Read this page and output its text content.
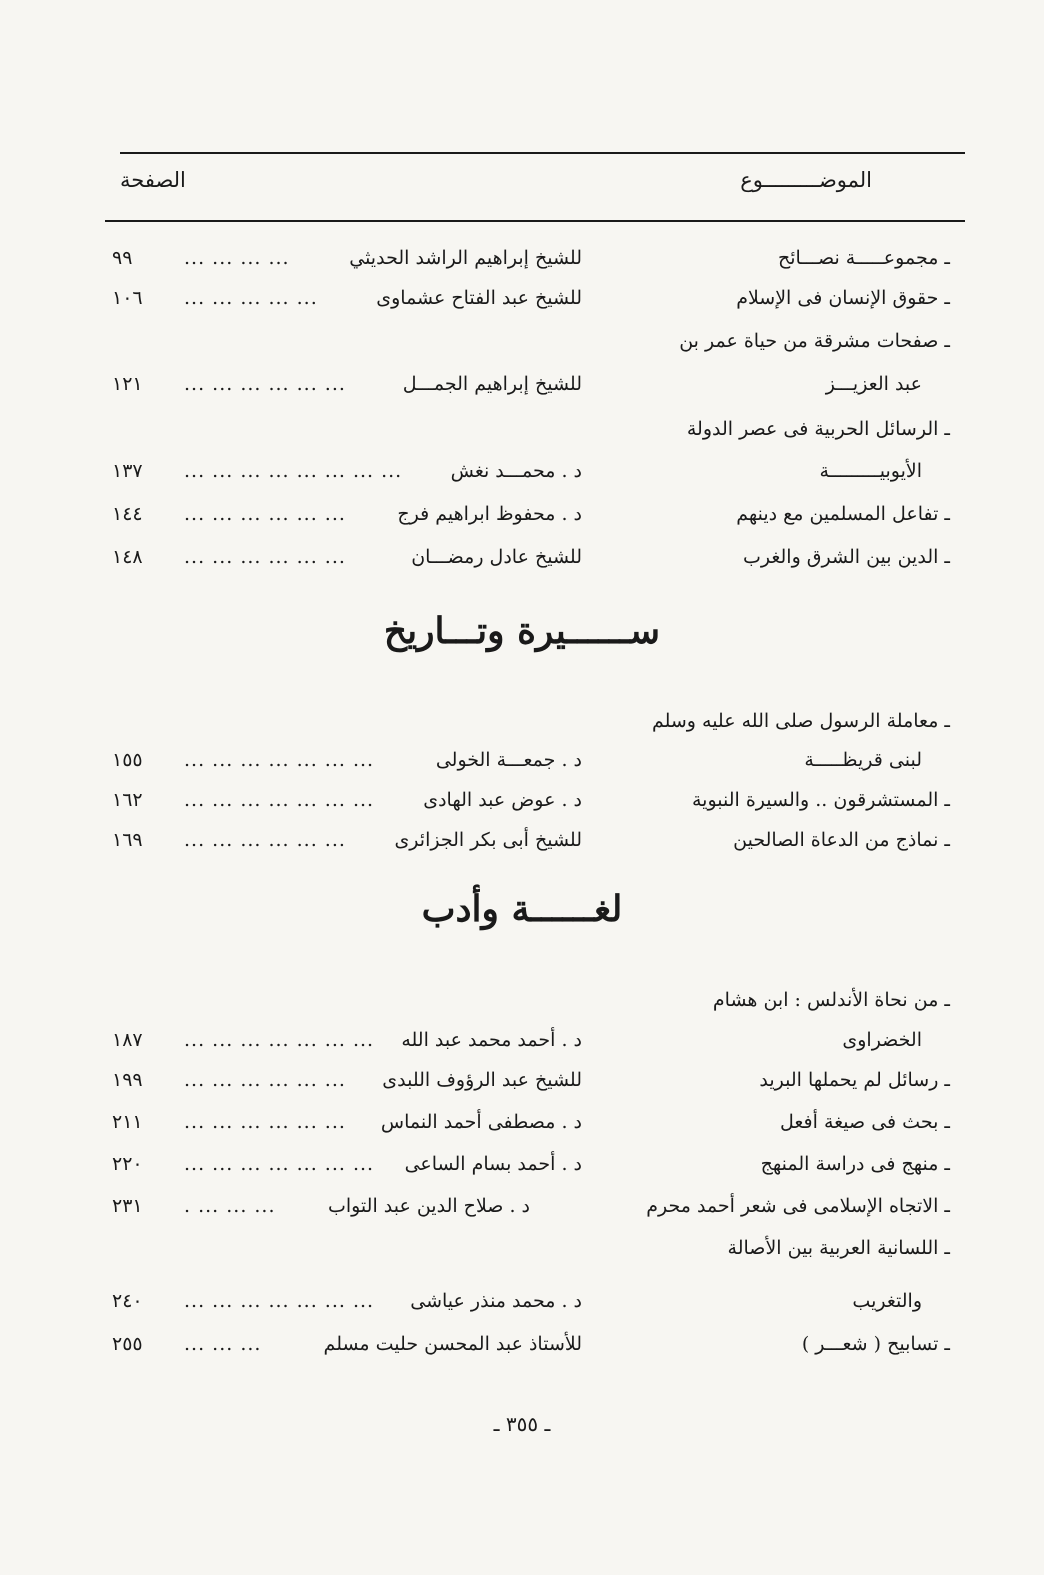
الموضـــــــــوع
الصفحة
ـ مجموعـــــة نصـــائح
للشيخ إبراهيم الراشد الحديثي
... ... ... ...
٩٩
ـ حقوق الإنسان فى الإسلام
للشيخ عبد الفتاح عشماوى
... ... ... ... ...
١٠٦
ـ صفحات مشرقة من حياة عمر بن
عبد العزيـــز
للشيخ إبراهيم الجمـــل
... ... ... ... ... ...
١٢١
ـ الرسائل الحربية فى عصر الدولة
الأيوبيـــــــــة
د . محمـــد نغش
... ... ... ... ... ... ... ...
١٣٧
ـ تفاعل المسلمين مع دينهم
د . محفوظ ابراهيم فرج
... ... ... ... ... ...
١٤٤
ـ الدين بين الشرق والغرب
للشيخ عادل رمضـــان
... ... ... ... ... ...
١٤٨
ســــــيرة وتـــاريخ
ـ معاملة الرسول صلى الله عليه وسلم
لبنى قريظـــــة
د . جمعـــة الخولى
... ... ... ... ... ... ...
١٥٥
ـ المستشرقون .. والسيرة النبوية
د . عوض عبد الهادى
... ... ... ... ... ... ...
١٦٢
ـ نماذج من الدعاة الصالحين
للشيخ أبى بكر الجزائرى
... ... ... ... ... ...
١٦٩
لغــــــة وأدب
ـ من نحاة الأندلس : ابن هشام
الخضراوى
د . أحمد محمد عبد الله
... ... ... ... ... ... ...
١٨٧
ـ رسائل لم يحملها البريد
للشيخ عبد الرؤوف اللبدى
... ... ... ... ... ...
١٩٩
ـ بحث فى صيغة أفعل
د . مصطفى أحمد النماس
... ... ... ... ... ...
٢١١
ـ منهج فى دراسة المنهج
د . أحمد بسام الساعى
... ... ... ... ... ... ...
٢٢٠
ـ الاتجاه الإسلامى فى شعر أحمد محرم
د . صلاح الدين عبد التواب
... ... ... .
٢٣١
ـ اللسانية العربية بين الأصالة
والتغريب
د . محمد منذر عياشى
... ... ... ... ... ... ...
٢٤٠
ـ تسابيح ( شعـــر )
للأستاذ عبد المحسن حليت مسلم
... ... ...
٢٥٥
ـ ٣٥٥ ـ
